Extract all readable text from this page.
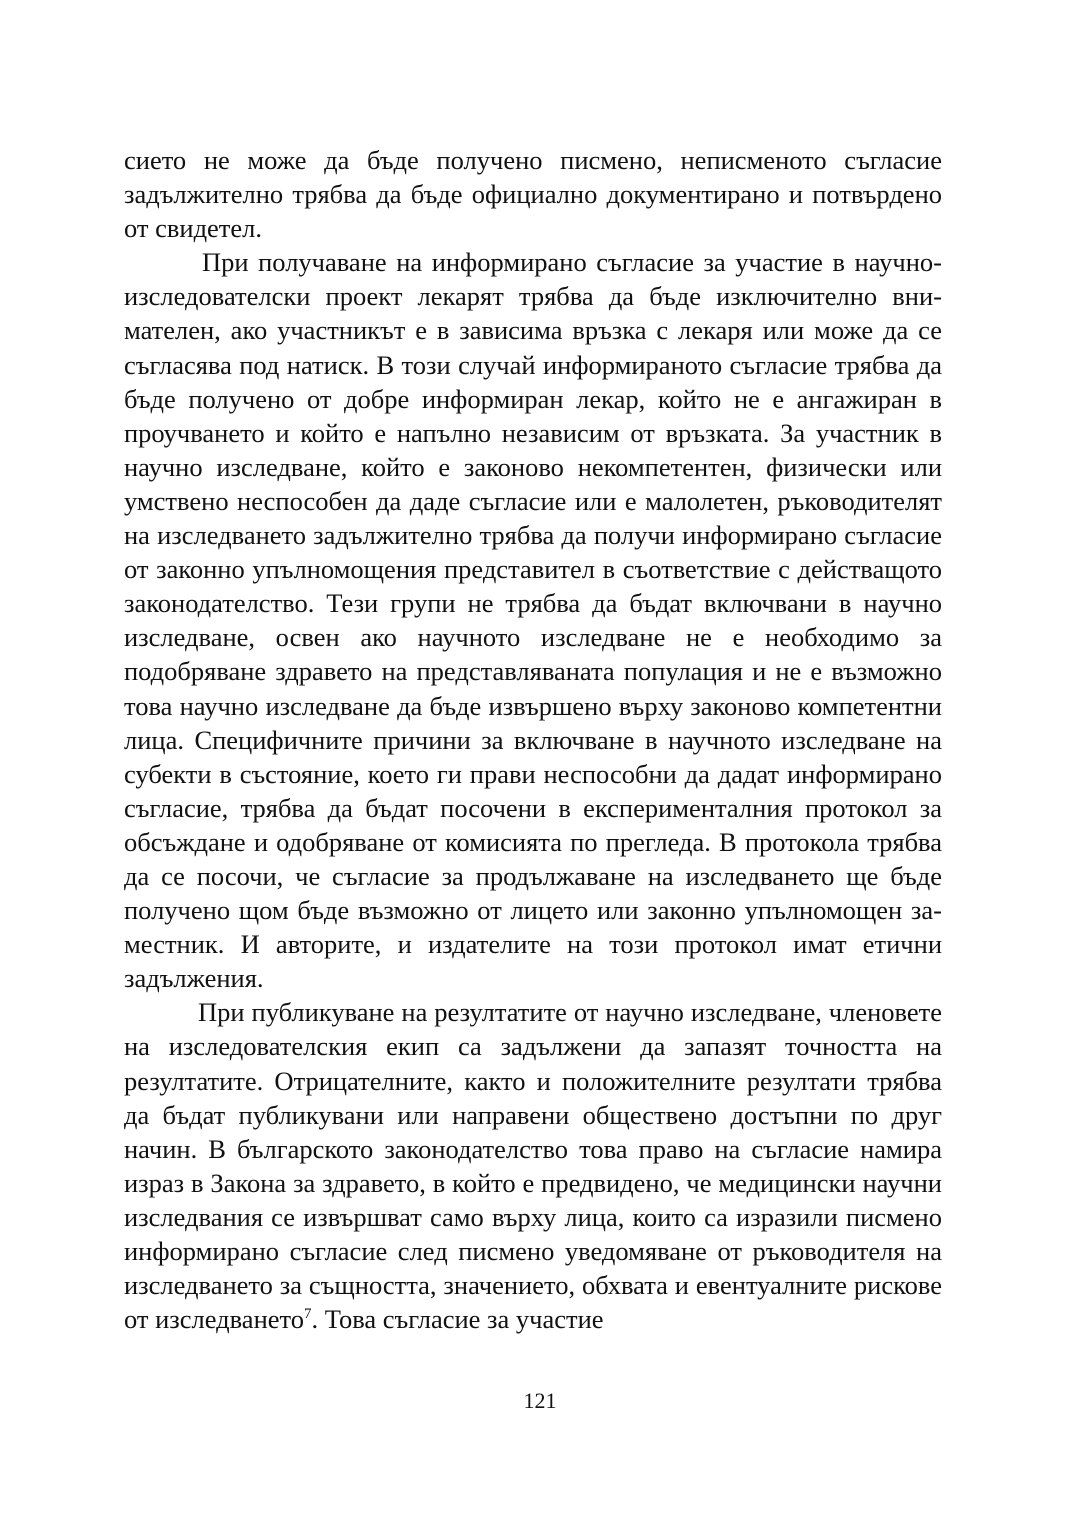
сието не може да бъде получено писмено, неписменото съгласие задължително трябва да бъде официално документирано и потвърдено от свидетел.

При получаване на информирано съгласие за участие в научноизследователски проект лекарят трябва да бъде изключително внимателен, ако участникът е в зависима връзка с лекаря или може да се съгласява под натиск. В този случай информираното съгласие трябва да бъде получено от добре информиран лекар, който не е ангажиран в проучването и който е напълно независим от връзката. За участник в научно изследване, който е законово некомпетентен, физически или умствено неспособен да даде съгласие или е малолетен, ръководителят на изследването задължително трябва да получи информирано съгласие от законно упълномощения представител в съответствие с действащото законодателство. Тези групи не трябва да бъдат включвани в научно изследване, освен ако научното изследване не е необходимо за подобряване здравето на представляваната популация и не е възможно това научно изследване да бъде извършено върху законово компетентни лица. Специфичните причини за включване в научното изследване на субекти в състояние, което ги прави неспособни да дадат информирано съгласие, трябва да бъдат посочени в експерименталния протокол за обсъждане и одобряване от комисията по прегледа. В протокола трябва да се посочи, че съгласие за продължаване на изследването ще бъде получено щом бъде възможно от лицето или законно упълномощен заместник. И авторите, и издателите на този протокол имат етични задължения.

При публикуване на резултатите от научно изследване, членовете на изследователския екип са задължени да запазят точността на резултатите. Отрицателните, както и положителните резултати трябва да бъдат публикувани или направени обществено достъпни по друг начин. В българското законодателство това право на съгласие намира израз в Закона за здравето, в който е предвидено, че медицински научни изследвания се извършват само върху лица, които са изразили писмено информирано съгласие след писмено уведомяване от ръководителя на изследването за същността, значението, обхвата и евентуалните рискове от изследването$^7$. Това съгласие за участие

121
